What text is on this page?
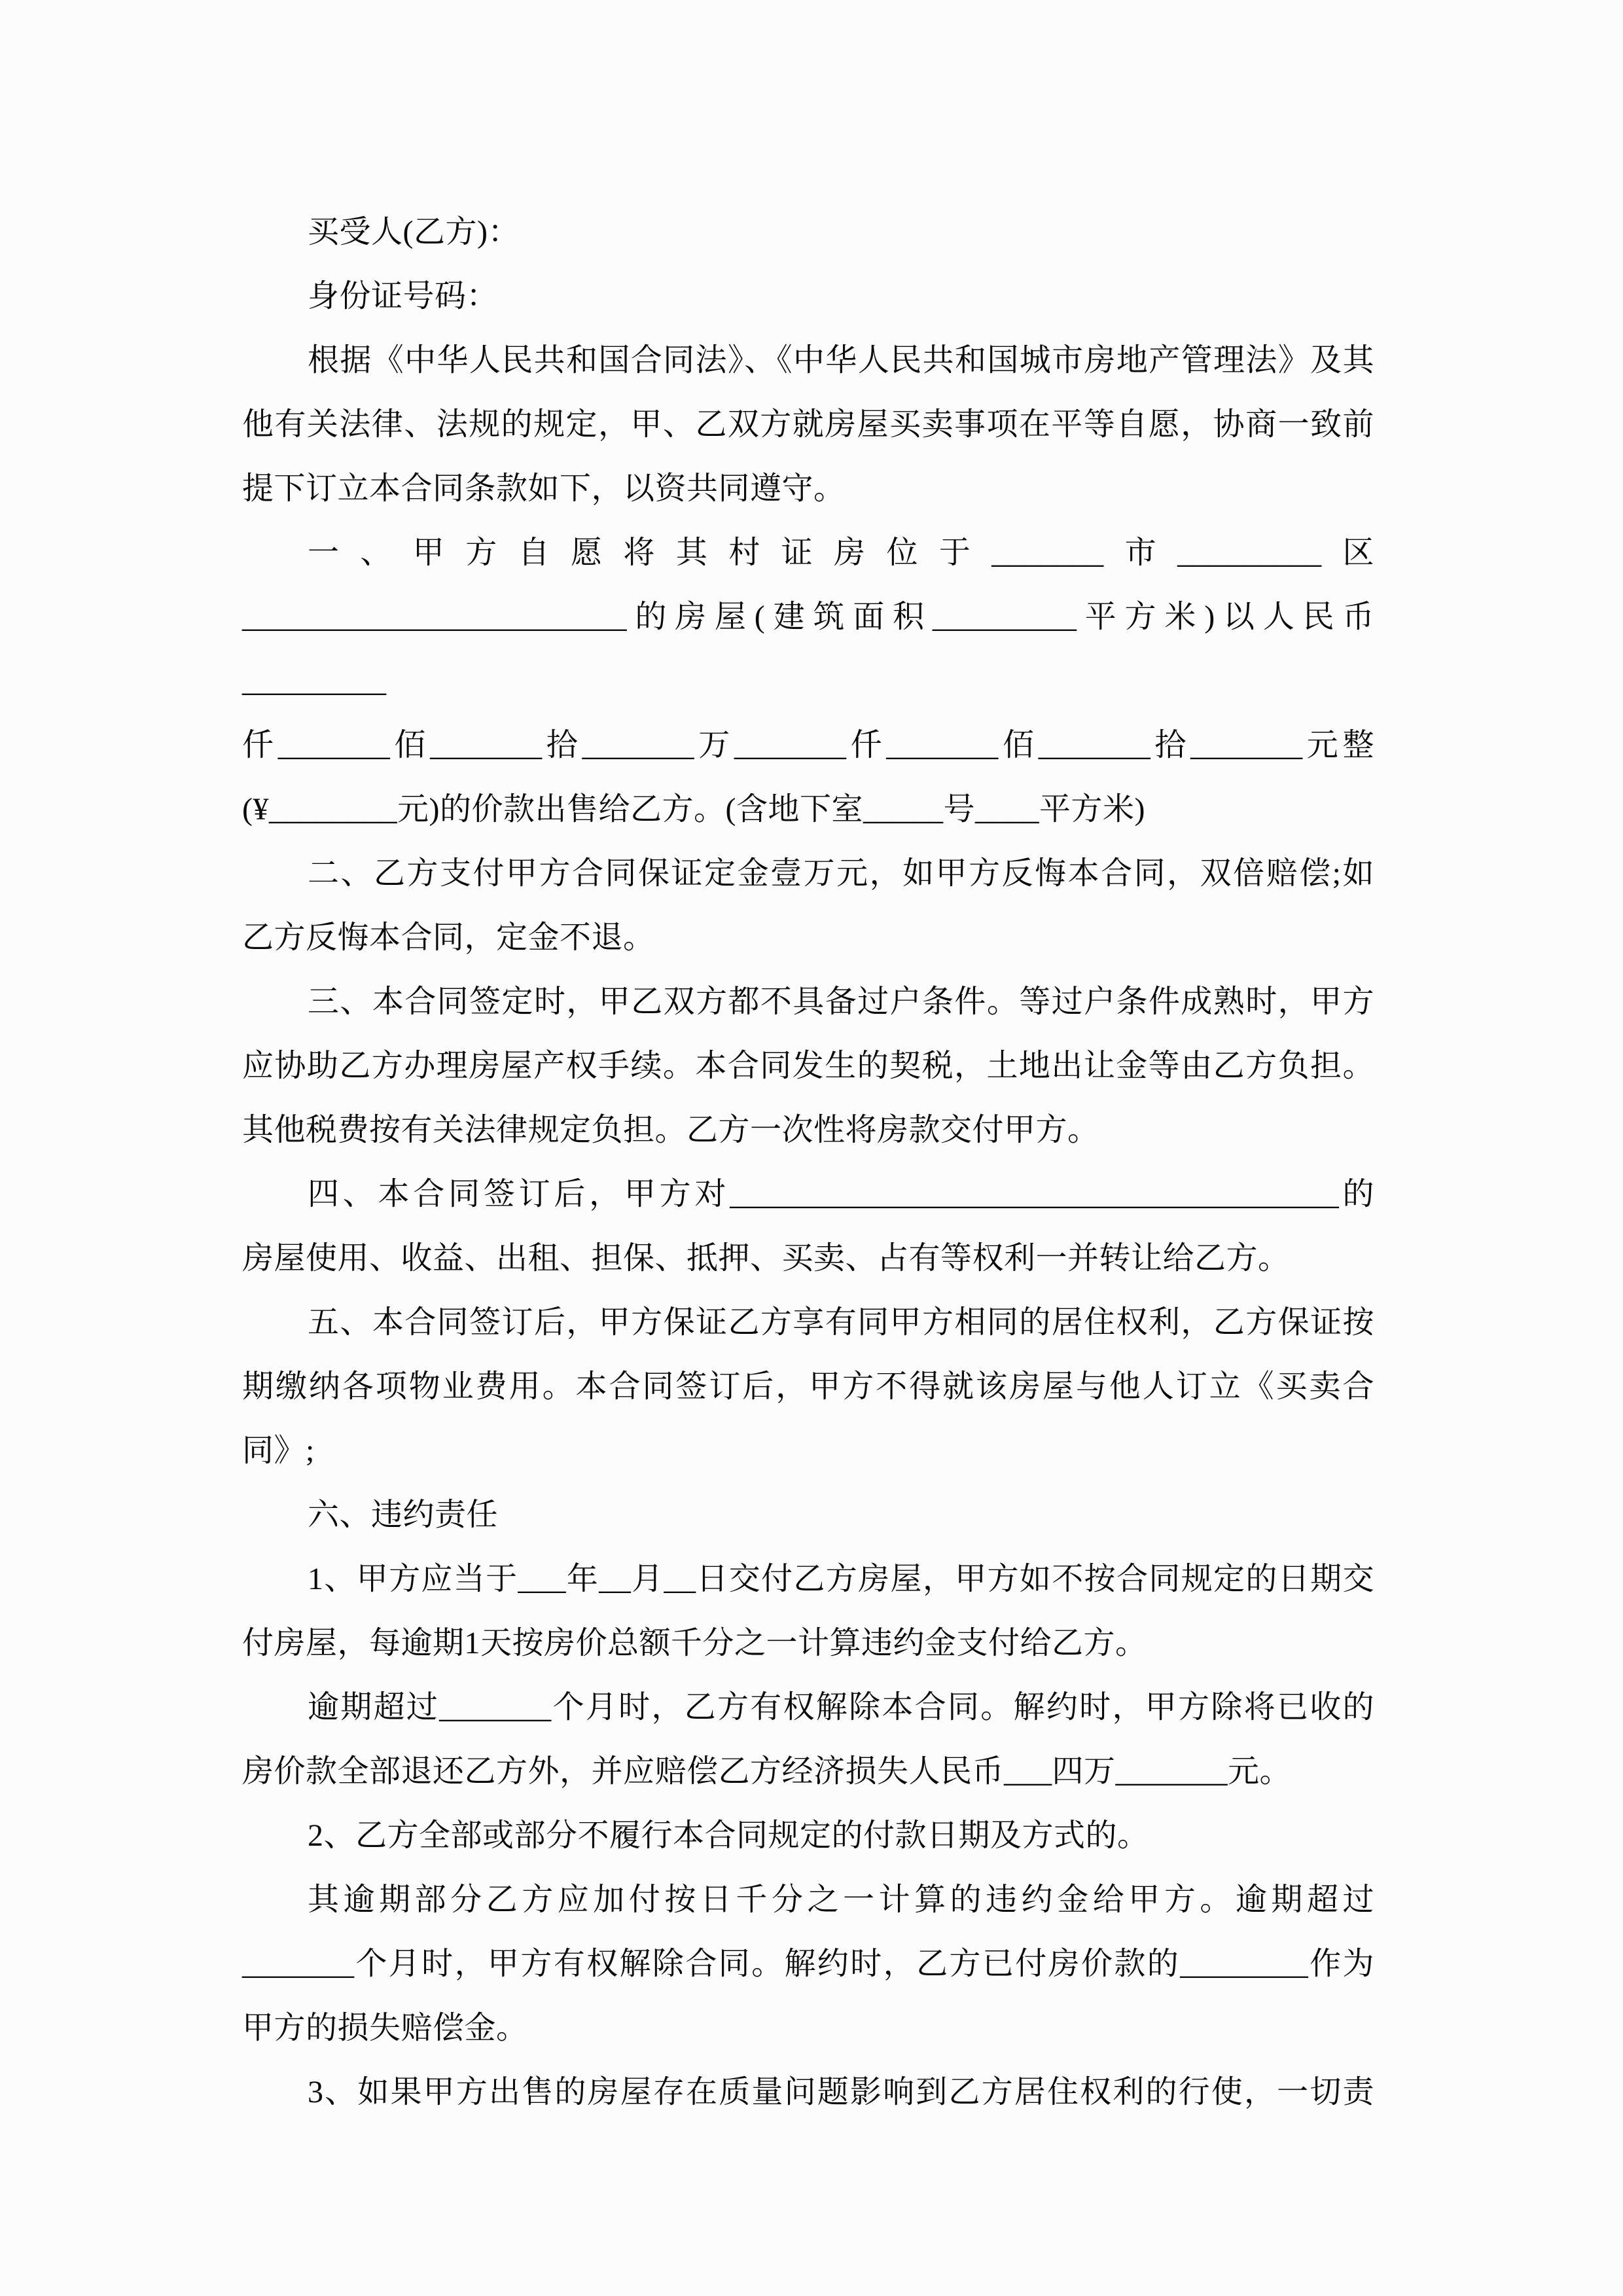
买受人(乙方)：

身份证号码：

根据《中华人民共和国合同法》、《中华人民共和国城市房地产管理法》及其

他有关法律、法规的规定，甲、乙双方就房屋买卖事项在平等自愿，协商一致前

提下订立本合同条款如下，以资共同遵守。

一、甲方自愿将其村证房位于_______市_________区

________________________的房屋(建筑面积_________平方米)以人民币_________

仟_______佰_______拾_______万_______仟_______佰_______拾_______元整

(¥________元)的价款出售给乙方。(含地下室_____号____平方米)

二、乙方支付甲方合同保证定金壹万元，如甲方反悔本合同，双倍赔偿;如

乙方反悔本合同，定金不退。

三、本合同签定时，甲乙双方都不具备过户条件。等过户条件成熟时，甲方

应协助乙方办理房屋产权手续。本合同发生的契税，土地出让金等由乙方负担。

其他税费按有关法律规定负担。乙方一次性将房款交付甲方。

四、本合同签订后，甲方对______________________________________的

房屋使用、收益、出租、担保、抵押、买卖、占有等权利一并转让给乙方。

五、本合同签订后，甲方保证乙方享有同甲方相同的居住权利，乙方保证按

期缴纳各项物业费用。本合同签订后，甲方不得就该房屋与他人订立《买卖合

同》;

六、违约责任

1、甲方应当于___年__月__日交付乙方房屋，甲方如不按合同规定的日期交

付房屋，每逾期1天按房价总额千分之一计算违约金支付给乙方。

逾期超过_______个月时，乙方有权解除本合同。解约时，甲方除将已收的

房价款全部退还乙方外，并应赔偿乙方经济损失人民币___四万_______元。

2、乙方全部或部分不履行本合同规定的付款日期及方式的。

其逾期部分乙方应加付按日千分之一计算的违约金给甲方。逾期超过

_______个月时，甲方有权解除合同。解约时，乙方已付房价款的________作为

甲方的损失赔偿金。

3、如果甲方出售的房屋存在质量问题影响到乙方居住权利的行使，一切责
